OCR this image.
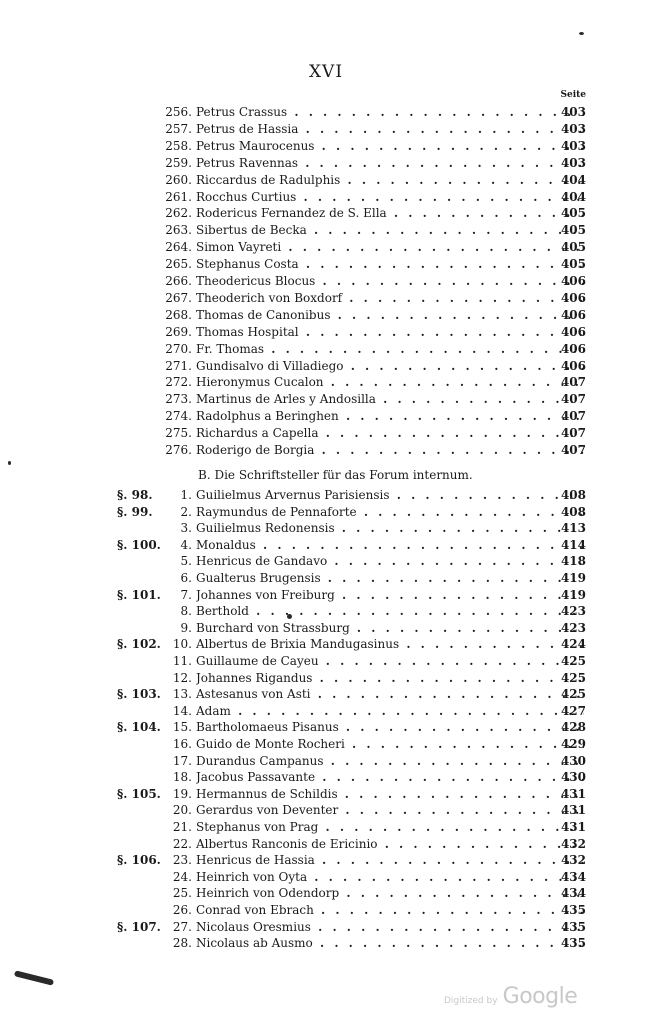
XVI
Seite
256. Petrus Crassus . . .	403
257. Petrus de Hassia . . .	403
258. Petrus Maurocenus . . .	403
259. Petrus Ravennas . . .	403
260. Riccardus de Radulphis . . .	404
261. Rocchus Curtius . . .	404
262. Rodericus Fernandez de S. Ella . . .	405
263. Sibertus de Becka . . .	405
264. Simon Vayreti . . .	405
265. Stephanus Costa . . .	405
266. Theodericus Blocus . . .	406
267. Theoderich von Boxdorf . . .	406
268. Thomas de Canonibus . . .	406
269. Thomas Hospital . . .	406
270. Fr. Thomas . . .	406
271. Gundisalvo di Villadiego . . .	406
272. Hieronymus Cucalon . . .	407
273. Martinus de Arles y Andosilla . . .	407
274. Radolphus a Beringhen . . .	407
275. Richardus a Capella . . .	407
276. Roderigo de Borgia . . .	407
B. Die Schriftsteller für das Forum internum.
§. 98.	1. Guilielmus Arvernus Parisiensis . . .	408
§. 99.	2. Raymundus de Pennaforte . . .	408
3. Guilielmus Redonensis . . .	413
§. 100.	4. Monaldus . . .	414
5. Henricus de Gandavo . . .	418
6. Gualterus Brugensis . . .	419
§. 101.	7. Johannes von Freiburg . . .	419
8. Berthold . . .	423
9. Burchard von Strassburg . . .	423
§. 102.	10. Albertus de Brixia Mandugasinus . . .	424
11. Guillaume de Cayeu . . .	425
12. Johannes Rigandus . . .	425
§. 103.	13. Astesanus von Asti . . .	425
14. Adam . . .	427
§. 104.	15. Bartholomaeus Pisanus . . .	428
16. Guido de Monte Rocheri . . .	429
17. Durandus Campanus . . .	430
18. Jacobus Passavante . . .	430
§. 105.	19. Hermannus de Schildis . . .	431
20. Gerardus von Deventer . . .	431
21. Stephanus von Prag . . .	431
22. Albertus Ranconis de Ericinio . . .	432
§. 106.	23. Henricus de Hassia . . .	432
24. Heinrich von Oyta . . .	434
25. Heinrich von Odendorp . . .	434
26. Conrad von Ebrach . . .	435
§. 107.	27. Nicolaus Oresmius . . .	435
28. Nicolaus ab Ausmo . . .	435
Digitized by Google
